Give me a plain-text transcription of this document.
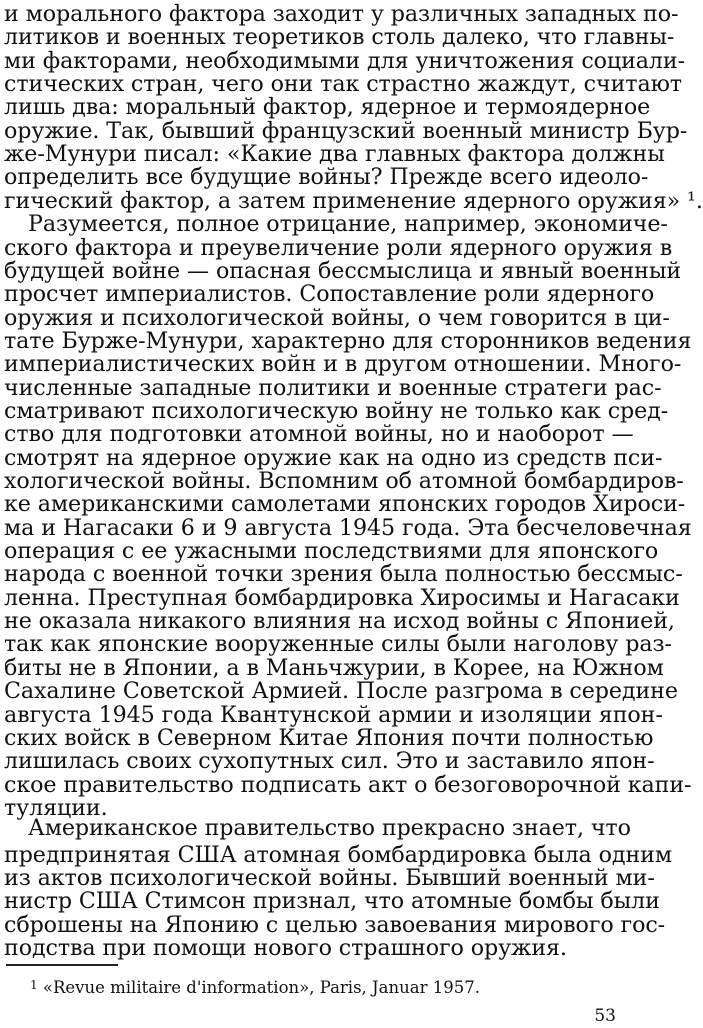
и морального фактора заходит у различных западных по-
литиков и военных теоретиков столь далеко, что главны-
ми факторами, необходимыми для уничтожения социали-
стических стран, чего они так страстно жаждут, считают
лишь два: моральный фактор, ядерное и термоядерное
оружие. Так, бывший французский военный министр Бур-
же-Мунури писал: «Какие два главных фактора должны
определить все будущие войны? Прежде всего идеоло-
гический фактор, а затем применение ядерного оружия» ¹.
Разумеется, полное отрицание, например, экономиче-
ского фактора и преувеличение роли ядерного оружия в
будущей войне — опасная бессмыслица и явный военный
просчет империалистов. Сопоставление роли ядерного
оружия и психологической войны, о чем говорится в ци-
тате Бурже-Мунури, характерно для сторонников ведения
империалистических войн и в другом отношении. Много-
численные западные политики и военные стратеги рас-
сматривают психологическую войну не только как сред-
ство для подготовки атомной войны, но и наоборот —
смотрят на ядерное оружие как на одно из средств пси-
хологической войны. Вспомним об атомной бомбардиров-
ке американскими самолетами японских городов Хироси-
ма и Нагасаки 6 и 9 августа 1945 года. Эта бесчеловечная
операция с ее ужасными последствиями для японского
народа с военной точки зрения была полностью бессмыс-
ленна. Преступная бомбардировка Хиросимы и Нагасаки
не оказала никакого влияния на исход войны с Японией,
так как японские вооруженные силы были наголову раз-
биты не в Японии, а в Маньчжурии, в Корее, на Южном
Сахалине Советской Армией. После разгрома в середине
августа 1945 года Квантунской армии и изоляции япон-
ских войск в Северном Китае Япония почти полностью
лишилась своих сухопутных сил. Это и заставило япон-
ское правительство подписать акт о безоговорочной капи-
туляции.
Американское правительство прекрасно знает, что
предпринятая США атомная бомбардировка была одним
из актов психологической войны. Бывший военный ми-
нистр США Стимсон признал, что атомные бомбы были
сброшены на Японию с целью завоевания мирового гос-
подства при помощи нового страшного оружия.
$^1$ «Revue militaire d'information», Paris, Januar 1957.
53
